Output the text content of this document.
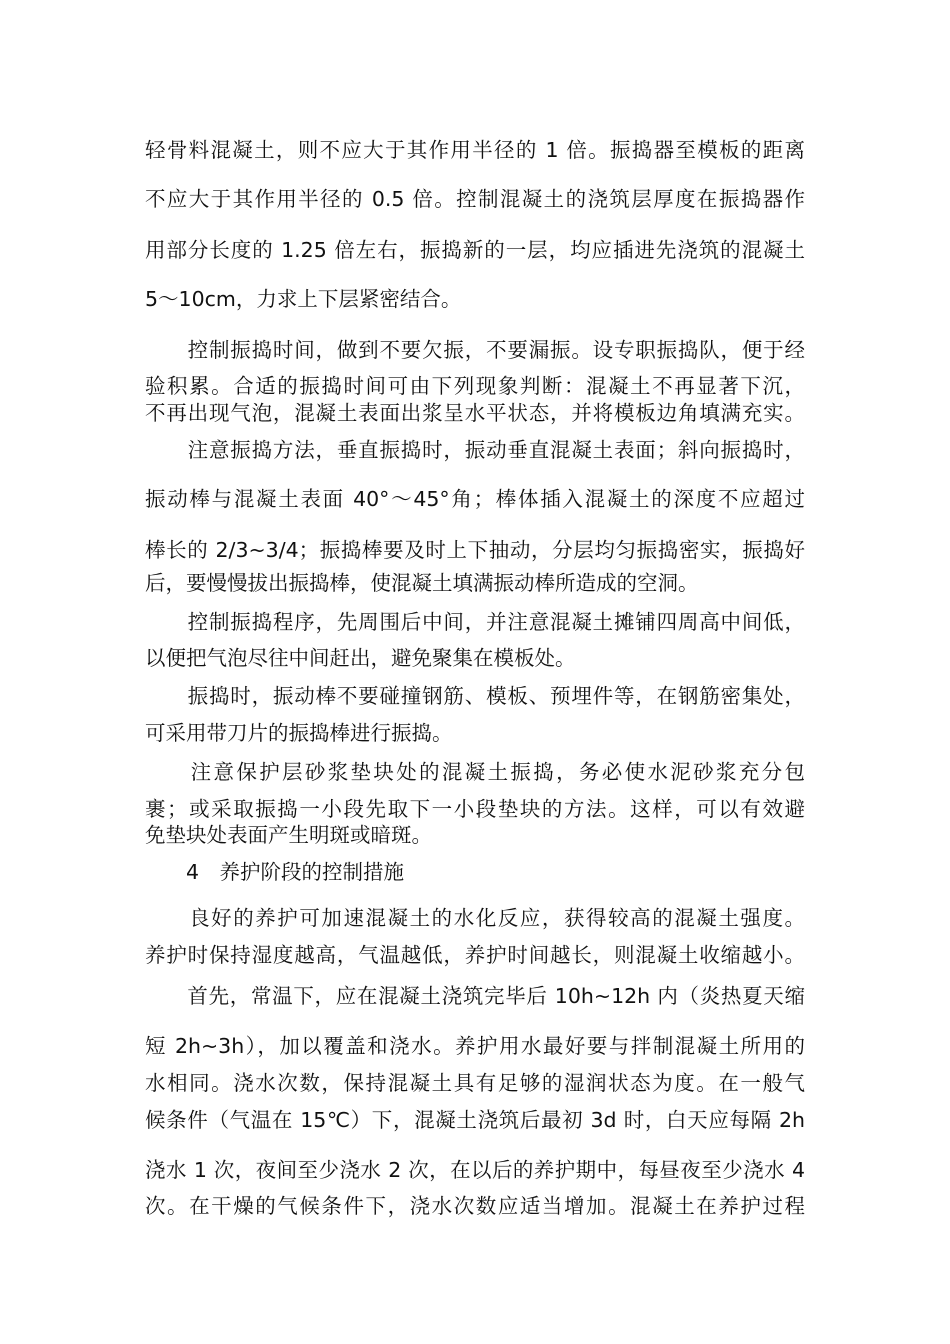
轻骨料混凝土，则不应大于其作用半径的 1 倍。振捣器至模板的距离
不应大于其作用半径的 0.5 倍。控制混凝土的浇筑层厚度在振捣器作
用部分长度的 1.25 倍左右，振捣新的一层，均应插进先浇筑的混凝土
5～10cm，力求上下层紧密结合。
　　控制振捣时间，做到不要欠振，不要漏振。设专职振捣队，便于经
验积累。合适的振捣时间可由下列现象判断：混凝土不再显著下沉，
不再出现气泡，混凝土表面出浆呈水平状态，并将模板边角填满充实。
　　注意振捣方法，垂直振捣时，振动垂直混凝土表面；斜向振捣时，
振动棒与混凝土表面 40°～45°角；棒体插入混凝土的深度不应超过
棒长的 2/3~3/4；振捣棒要及时上下抽动，分层均匀振捣密实，振捣好
后，要慢慢拔出振捣棒，使混凝土填满振动棒所造成的空洞。
　　控制振捣程序，先周围后中间，并注意混凝土摊铺四周高中间低，
以便把气泡尽往中间赶出，避免聚集在模板处。
　　振捣时，振动棒不要碰撞钢筋、模板、预埋件等，在钢筋密集处，
可采用带刀片的振捣棒进行振捣。
　　注意保护层砂浆垫块处的混凝土振捣，务必使水泥砂浆充分包
裹；或采取振捣一小段先取下一小段垫块的方法。这样，可以有效避
免垫块处表面产生明斑或暗斑。
　　4　养护阶段的控制措施
　　良好的养护可加速混凝土的水化反应，获得较高的混凝土强度。
养护时保持湿度越高，气温越低，养护时间越长，则混凝土收缩越小。
　　首先，常温下，应在混凝土浇筑完毕后 10h~12h 内（炎热夏天缩
短 2h~3h），加以覆盖和浇水。养护用水最好要与拌制混凝土所用的
水相同。浇水次数，保持混凝土具有足够的湿润状态为度。在一般气
候条件（气温在 15℃）下，混凝土浇筑后最初 3d 时，白天应每隔 2h
浇水 1 次，夜间至少浇水 2 次，在以后的养护期中，每昼夜至少浇水 4
次。在干燥的气候条件下，浇水次数应适当增加。混凝土在养护过程
